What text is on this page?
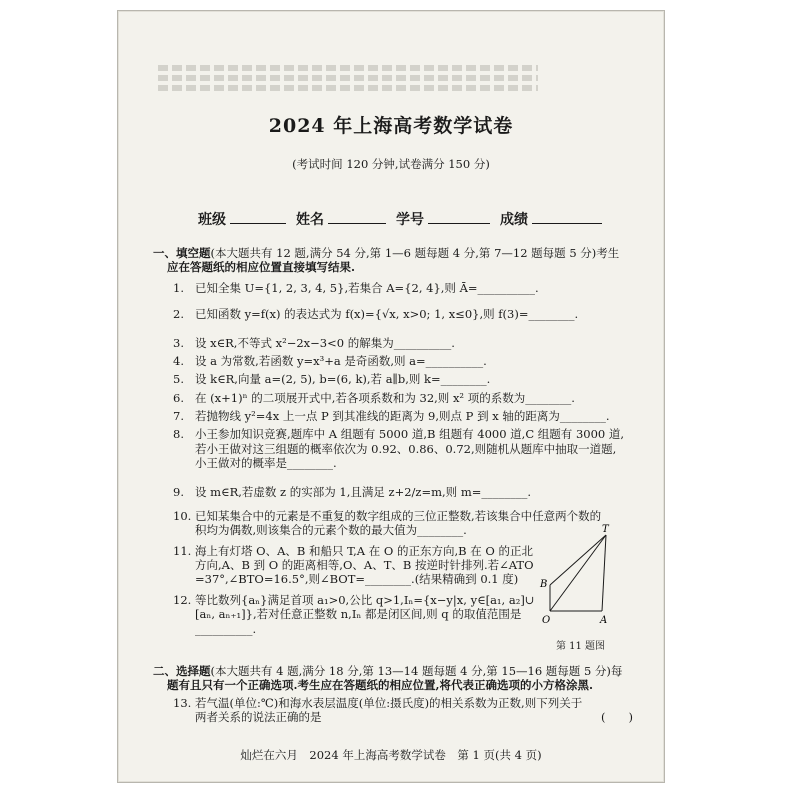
2024 年上海高考数学试卷
(考试时间 120 分钟,试卷满分 150 分)
班级	姓名	学号	成绩
一、填空题(本大题共有 12 题,满分 54 分,第 1—6 题每题 4 分,第 7—12 题每题 5 分)考生
应在答题纸的相应位置直接填写结果.
1. 已知全集 U={1, 2, 3, 4, 5},若集合 A={2, 4},则 Ā=__________.
2. 已知函数 y=f(x) 的表达式为 f(x)={√x, x>0; 1, x≤0},则 f(3)=________.
3. 设 x∈R,不等式 x²−2x−3<0 的解集为__________.
4. 设 a 为常数,若函数 y=x³+a 是奇函数,则 a=__________.
5. 设 k∈R,向量 a=(2, 5), b=(6, k),若 a∥b,则 k=________.
6. 在 (x+1)ⁿ 的二项展开式中,若各项系数和为 32,则 x² 项的系数为________.
7. 若抛物线 y²=4x 上一点 P 到其准线的距离为 9,则点 P 到 x 轴的距离为________.
8. 小王参加知识竞赛,题库中 A 组题有 5000 道,B 组题有 4000 道,C 组题有 3000 道,
若小王做对这三组题的概率依次为 0.92、0.86、0.72,则随机从题库中抽取一道题,
小王做对的概率是________.
9. 设 m∈R,若虚数 z 的实部为 1,且满足 z+2/z=m,则 m=________.
10. 已知某集合中的元素是不重复的数字组成的三位正整数,若该集合中任意两个数的
积均为偶数,则该集合的元素个数的最大值为________.
11. 海上有灯塔 O、A、B 和船只 T,A 在 O 的正东方向,B 在 O 的正北
方向,A、B 到 O 的距离相等,O、A、T、B 按逆时针排列.若∠ATO
=37°,∠BTO=16.5°,则∠BOT=________.(结果精确到 0.1 度)
12. 等比数列{aₙ}满足首项 a₁>0,公比 q>1,Iₙ={x−y|x, y∈[a₁, a₂]∪
[aₙ, aₙ₊₁]},若对任意正整数 n,Iₙ 都是闭区间,则 q 的取值范围是
__________.
二、选择题(本大题共有 4 题,满分 18 分,第 13—14 题每题 4 分,第 15—16 题每题 5 分)每
题有且只有一个正确选项.考生应在答题纸的相应位置,将代表正确选项的小方格涂黑.
13. 若气温(单位:℃)和海水表层温度(单位:摄氏度)的相关系数为正数,则下列关于
两者关系的说法正确的是	(　　)
T
B
O	A
第 11 题图
灿烂在六月　2024 年上海高考数学试卷　第 1 页(共 4 页)
